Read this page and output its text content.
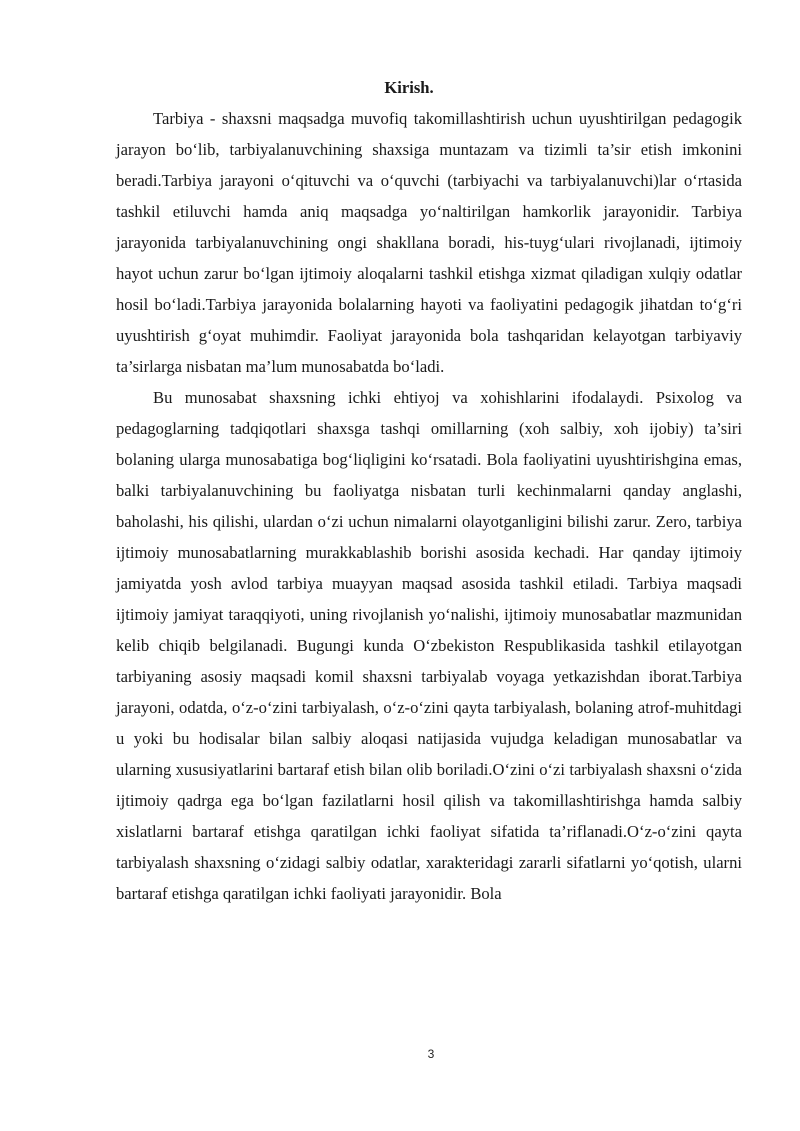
Kirish.

Tarbiya - shaxsni maqsadga muvofiq takomillashtirish uchun uyushtirilgan pedagogik jarayon bo‘lib, tarbiyalanuvchining shaxsiga muntazam va tizimli ta’sir etish imkonini beradi.Tarbiya jarayoni o‘qituvchi va o‘quvchi (tarbiyachi va tarbiyalanuvchi)lar o‘rtasida tashkil etiluvchi hamda aniq maqsadga yo‘naltirilgan hamkorlik jarayonidir. Tarbiya jarayonida tarbiyalanuvchining ongi shakllana boradi, his-tuyg‘ulari rivojlanadi, ijtimoiy hayot uchun zarur bo‘lgan ijtimoiy aloqalarni tashkil etishga xizmat qiladigan xulqiy odatlar hosil bo‘ladi.Tarbiya jarayonida bolalarning hayoti va faoliyatini pedagogik jihatdan to‘g‘ri uyushtirish g‘oyat muhimdir. Faoliyat jarayonida bola tashqaridan kelayotgan tarbiyaviy ta’sirlarga nisbatan ma’lum munosabatda bo‘ladi.

Bu munosabat shaxsning ichki ehtiyoj va xohishlarini ifodalaydi. Psixolog va pedagoglarning tadqiqotlari shaxsga tashqi omillarning (xoh salbiy, xoh ijobiy) ta’siri bolaning ularga munosabatiga bog‘liqligini ko‘rsatadi. Bola faoliyatini uyushtirishgina emas, balki tarbiyalanuvchining bu faoliyatga nisbatan turli kechinmalarni qanday anglashi, baholashi, his qilishi, ulardan o‘zi uchun nimalarni olayotganligini bilishi zarur. Zero, tarbiya ijtimoiy munosabatlarning murakkablashib borishi asosida kechadi. Har qanday ijtimoiy jamiyatda yosh avlod tarbiya muayyan maqsad asosida tashkil etiladi. Tarbiya maqsadi ijtimoiy jamiyat taraqqiyoti, uning rivojlanish yo‘nalishi, ijtimoiy munosabatlar mazmunidan kelib chiqib belgilanadi. Bugungi kunda O‘zbekiston Respublikasida tashkil etilayotgan tarbiyaning asosiy maqsadi komil shaxsni tarbiyalab voyaga yetkazishdan iborat.Tarbiya jarayoni, odatda, o‘z-o‘zini tarbiyalash, o‘z-o‘zini qayta tarbiyalash, bolaning atrof-muhitdagi u yoki bu hodisalar bilan salbiy aloqasi natijasida vujudga keladigan munosabatlar va ularning xususiyatlarini bartaraf etish bilan olib boriladi.O‘zini o‘zi tarbiyalash shaxsni o‘zida ijtimoiy qadrga ega bo‘lgan fazilatlarni hosil qilish va takomillashtirishga hamda salbiy xislatlarni bartaraf etishga qaratilgan ichki faoliyat sifatida ta’riflanadi.O‘z-o‘zini qayta tarbiyalash shaxsning o‘zidagi salbiy odatlar, xarakteridagi zararli sifatlarni yo‘qotish, ularni bartaraf etishga qaratilgan ichki faoliyati jarayonidir. Bola

3
